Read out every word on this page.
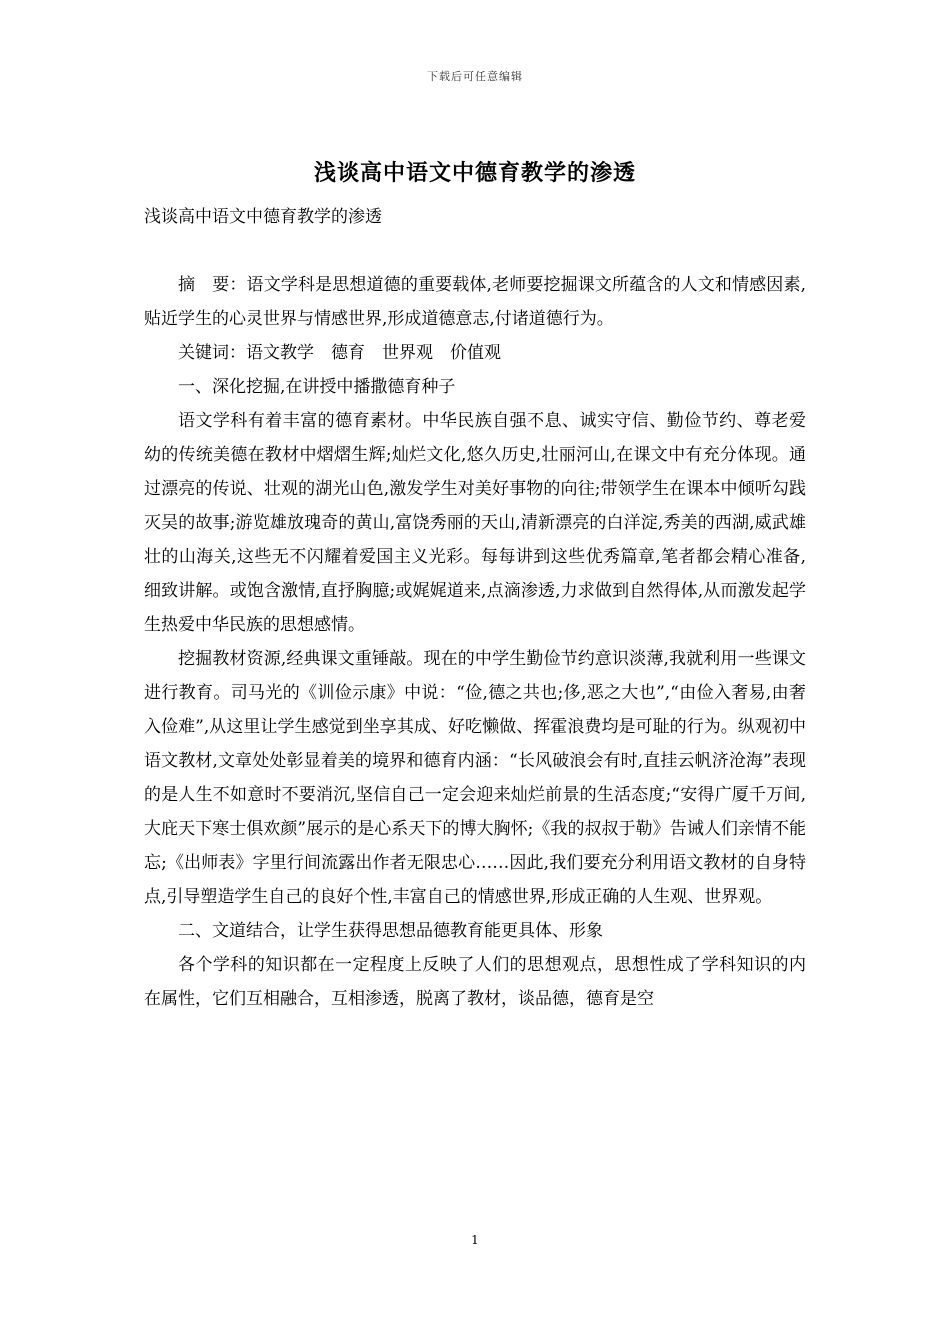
下载后可任意编辑
浅谈高中语文中德育教学的渗透

浅谈高中语文中德育教学的渗透

摘　要：语文学科是思想道德的重要载体,老师要挖掘课文所蕴含的人文和情感因素,贴近学生的心灵世界与情感世界,形成道德意志,付诸道德行为。

关键词：语文教学　德育　世界观　价值观

一、深化挖掘,在讲授中播撒德育种子

语文学科有着丰富的德育素材。中华民族自强不息、诚实守信、勤俭节约、尊老爱幼的传统美德在教材中熠熠生辉;灿烂文化,悠久历史,壮丽河山,在课文中有充分体现。通过漂亮的传说、壮观的湖光山色,激发学生对美好事物的向往;带领学生在课本中倾听勾践灭吴的故事;游览雄放瑰奇的黄山,富饶秀丽的天山,清新漂亮的白洋淀,秀美的西湖,威武雄壮的山海关,这些无不闪耀着爱国主义光彩。每每讲到这些优秀篇章,笔者都会精心准备,细致讲解。或饱含激情,直抒胸臆;或娓娓道来,点滴渗透,力求做到自然得体,从而激发起学生热爱中华民族的思想感情。

挖掘教材资源,经典课文重锤敲。现在的中学生勤俭节约意识淡薄,我就利用一些课文进行教育。司马光的《训俭示康》中说：“俭,德之共也;侈,恶之大也”,“由俭入奢易,由奢入俭难”,从这里让学生感觉到坐享其成、好吃懒做、挥霍浪费均是可耻的行为。纵观初中语文教材,文章处处彰显着美的境界和德育内涵：“长风破浪会有时,直挂云帆济沧海”表现的是人生不如意时不要消沉,坚信自己一定会迎来灿烂前景的生活态度;“安得广厦千万间,大庇天下寒士俱欢颜”展示的是心系天下的博大胸怀;《我的叔叔于勒》告诫人们亲情不能忘;《出师表》字里行间流露出作者无限忠心……因此,我们要充分利用语文教材的自身特点,引导塑造学生自己的良好个性,丰富自己的情感世界,形成正确的人生观、世界观。

二、文道结合，让学生获得思想品德教育能更具体、形象

各个学科的知识都在一定程度上反映了人们的思想观点，思想性成了学科知识的内在属性，它们互相融合，互相渗透，脱离了教材，谈品德，德育是空

1
